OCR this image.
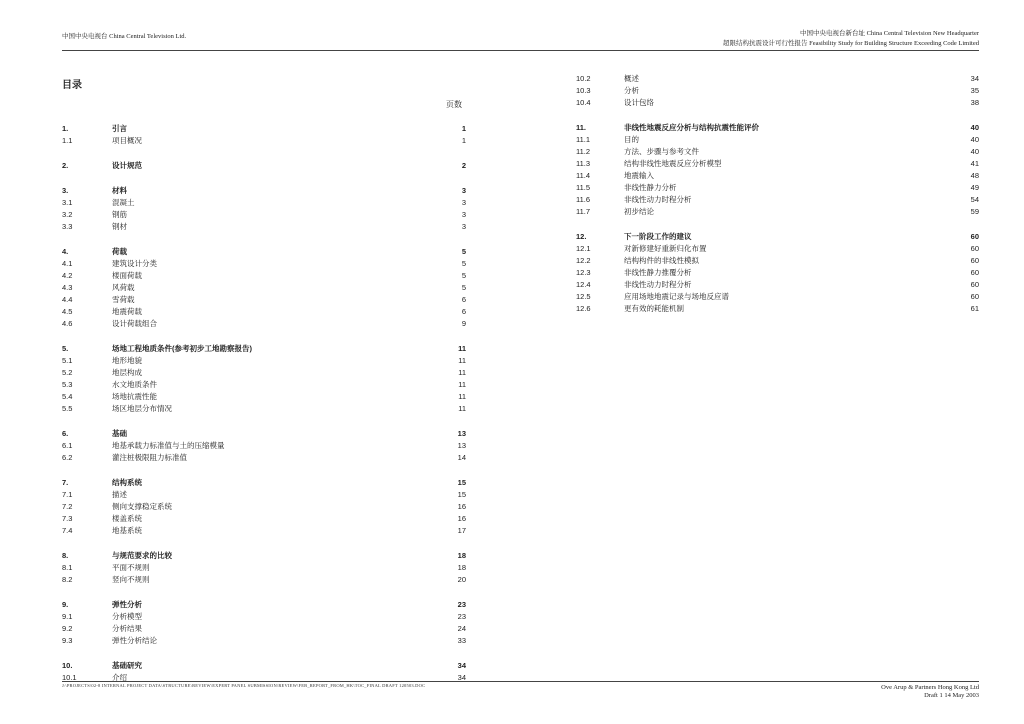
中国中央电视台 China Central Television Ltd.	中国中央电视台新台址 China Central Television New Headquarter
超限结构抗震设计可行性报告 Feasibility Study for Building Structure Exceeding Code Limited
目录
页数
1.	引言	1
1.1	项目概况	1
2.	设计规范	2
3.	材料	3
3.1	混凝土	3
3.2	钢筋	3
3.3	钢材	3
4.	荷载	5
4.1	建筑设计分类	5
4.2	楼面荷载	5
4.3	风荷载	5
4.4	雪荷载	6
4.5	地震荷载	6
4.6	设计荷载组合	9
5.	场地工程地质条件(参考初步工地勘察报告)	11
5.1	地形地貌	11
5.2	地层构成	11
5.3	水文地质条件	11
5.4	场地抗震性能	11
5.5	场区地层分布情况	11
6.	基础	13
6.1	地基承载力标准值与土的压缩模量	13
6.2	灌注桩极限阻力标准值	14
7.	结构系统	15
7.1	描述	15
7.2	侧向支撑稳定系统	16
7.3	楼盖系统	16
7.4	地基系统	17
8.	与规范要求的比较	18
8.1	平面不规则	18
8.2	竖向不规则	20
9.	弹性分析	23
9.1	分析模型	23
9.2	分析结果	24
9.3	弹性分析结论	33
10.	基础研究	34
10.1	介绍	34
10.2	概述	34
10.3	分析	35
10.4	设计包络	38
11.	非线性地震反应分析与结构抗震性能评价	40
11.1	目的	40
11.2	方法、步骤与参考文件	40
11.3	结构非线性地震反应分析模型	41
11.4	地震输入	48
11.5	非线性静力分析	49
11.6	非线性动力时程分析	54
11.7	初步结论	59
12.	下一阶段工作的建议	60
12.1	对新修建好重新归化布置	60
12.2	结构构件的非线性模拟	60
12.3	非线性静力推覆分析	60
12.4	非线性动力时程分析	60
12.5	应用场地地震记录与场地反应谱	60
12.6	更有效的耗能机制	61
J:\PROJECTS\02-8 INTERNAL PROJECT DATA\STRUCTURE\REVIEW\EXPERT PANEL SUBMISSION\REVIEW\FEB_REPORT_FROM_HK\TOC_FINAL DRAFT 120503.DOC	Ove Arup & Partners Hong Kong Ltd
Draft 1 14 May 2003
